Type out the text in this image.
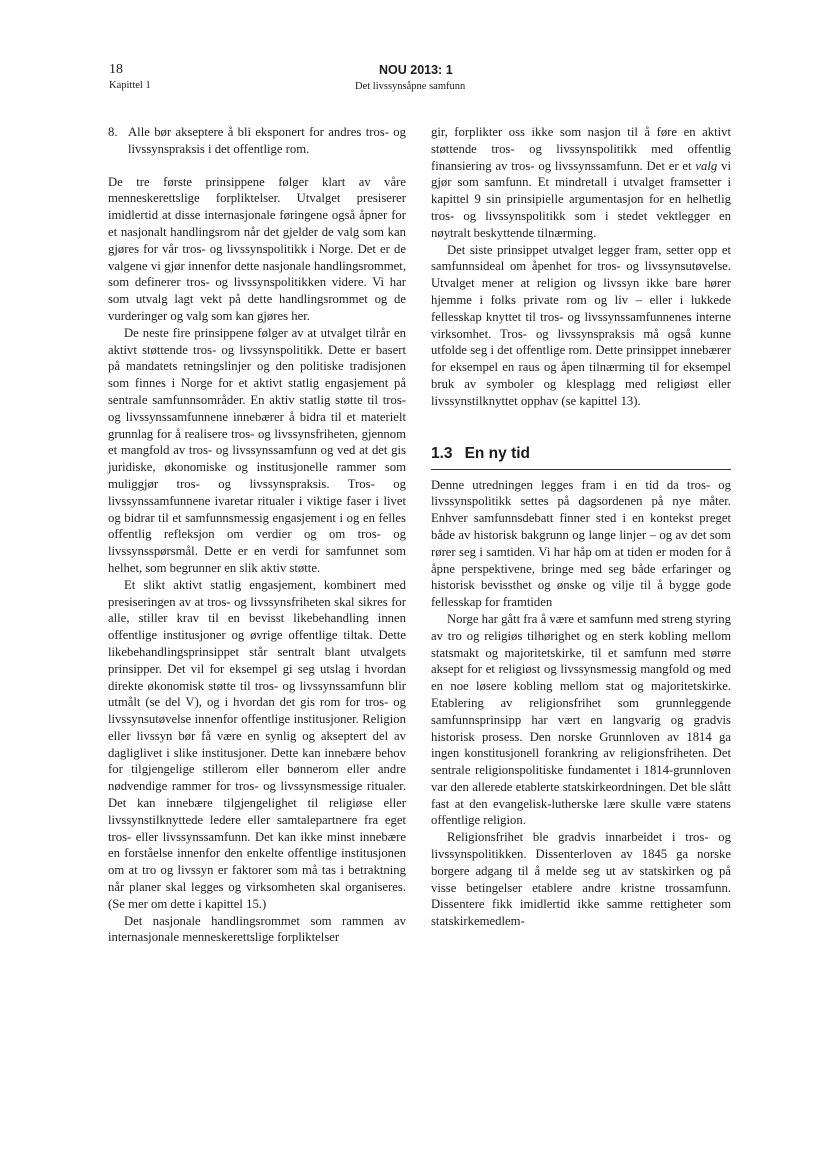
18
Kapittel 1
NOU 2013: 1
Det livssynsåpne samfunn
8. Alle bør akseptere å bli eksponert for andres tros- og livssynspraksis i det offentlige rom.

De tre første prinsippene følger klart av våre menneskerettslige forpliktelser. Utvalget presiserer imidlertid at disse internasjonale føringene også åpner for et nasjonalt handlingsrom når det gjelder de valg som kan gjøres for vår tros- og livssynspolitikk i Norge. Det er de valgene vi gjør innenfor dette nasjonale handlingsrommet, som definerer tros- og livssynspolitikken videre. Vi har som utvalg lagt vekt på dette handlingsrommet og de vurderinger og valg som kan gjøres her.

De neste fire prinsippene følger av at utvalget tilrår en aktivt støttende tros- og livssynspolitikk. Dette er basert på mandatets retningslinjer og den politiske tradisjonen som finnes i Norge for et aktivt statlig engasjement på sentrale samfunnsområder. En aktiv statlig støtte til tros- og livssynssamfunnene innebærer å bidra til et materielt grunnlag for å realisere tros- og livssynsfriheten, gjennom et mangfold av tros- og livssynssamfunn og ved at det gis juridiske, økonomiske og institusjonelle rammer som muliggjør tros- og livssynspraksis. Tros- og livssynssamfunnene ivaretar ritualer i viktige faser i livet og bidrar til et samfunnsmessig engasjement i og en felles offentlig refleksjon om verdier og om tros- og livssynsspørsmål. Dette er en verdi for samfunnet som helhet, som begrunner en slik aktiv støtte.

Et slikt aktivt statlig engasjement, kombinert med presiseringen av at tros- og livssynsfriheten skal sikres for alle, stiller krav til en bevisst likebehandling innen offentlige institusjoner og øvrige offentlige tiltak. Dette likebehandlingsprinsippet står sentralt blant utvalgets prinsipper. Det vil for eksempel gi seg utslag i hvordan direkte økonomisk støtte til tros- og livssynssamfunn blir utmålt (se del V), og i hvordan det gis rom for tros- og livssynsutøvelse innenfor offentlige institusjoner. Religion eller livssyn bør få være en synlig og akseptert del av dagliglivet i slike institusjoner. Dette kan innebære behov for tilgjengelige stillerom eller bønnerom eller andre nødvendige rammer for tros- og livssynsmessige ritualer. Det kan innebære tilgjengelighet til religiøse eller livssynstilknyttede ledere eller samtalepartnere fra eget tros- eller livssynssamfunn. Det kan ikke minst innebære en forståelse innenfor den enkelte offentlige institusjonen om at tro og livssyn er faktorer som må tas i betraktning når planer skal legges og virksomheten skal organiseres. (Se mer om dette i kapittel 15.)

Det nasjonale handlingsrommet som rammen av internasjonale menneskerettslige forpliktelser

gir, forplikter oss ikke som nasjon til å føre en aktivt støttende tros- og livssynspolitikk med offentlig finansiering av tros- og livssynssamfunn. Det er et valg vi gjør som samfunn. Et mindretall i utvalget framsetter i kapittel 9 sin prinsipielle argumentasjon for en helhetlig tros- og livssynspolitikk som i stedet vektlegger en nøytralt beskyttende tilnærming.

Det siste prinsippet utvalget legger fram, setter opp et samfunnsideal om åpenhet for tros- og livssynsutøvelse. Utvalget mener at religion og livssyn ikke bare hører hjemme i folks private rom og liv – eller i lukkede fellesskap knyttet til tros- og livssynssamfunnenes interne virksomhet. Tros- og livssynspraksis må også kunne utfolde seg i det offentlige rom. Dette prinsippet innebærer for eksempel en raus og åpen tilnærming til for eksempel bruk av symboler og klesplagg med religiøst eller livssynstilknyttet opphav (se kapittel 13).

1.3 En ny tid

Denne utredningen legges fram i en tid da tros- og livssynspolitikk settes på dagsordenen på nye måter. Enhver samfunnsdebatt finner sted i en kontekst preget både av historisk bakgrunn og lange linjer – og av det som rører seg i samtiden. Vi har håp om at tiden er moden for å åpne perspektivene, bringe med seg både erfaringer og historisk bevissthet og ønske og vilje til å bygge gode fellesskap for framtiden

Norge har gått fra å være et samfunn med streng styring av tro og religiøs tilhørighet og en sterk kobling mellom statsmakt og majoritetskirke, til et samfunn med større aksept for et religiøst og livssynsmessig mangfold og med en noe løsere kobling mellom stat og majoritetskirke. Etablering av religionsfrihet som grunnleggende samfunnsprinsipp har vært en langvarig og gradvis historisk prosess. Den norske Grunnloven av 1814 ga ingen konstitusjonell forankring av religionsfriheten. Det sentrale religionspolitiske fundamentet i 1814-grunnloven var den allerede etablerte statskirkeordningen. Det ble slått fast at den evangelisk-lutherske lære skulle være statens offentlige religion.

Religionsfrihet ble gradvis innarbeidet i tros- og livssynspolitikken. Dissenterloven av 1845 ga norske borgere adgang til å melde seg ut av statskirken og på visse betingelser etablere andre kristne trossamfunn. Dissentere fikk imidlertid ikke samme rettigheter som statskirkemedlem-
